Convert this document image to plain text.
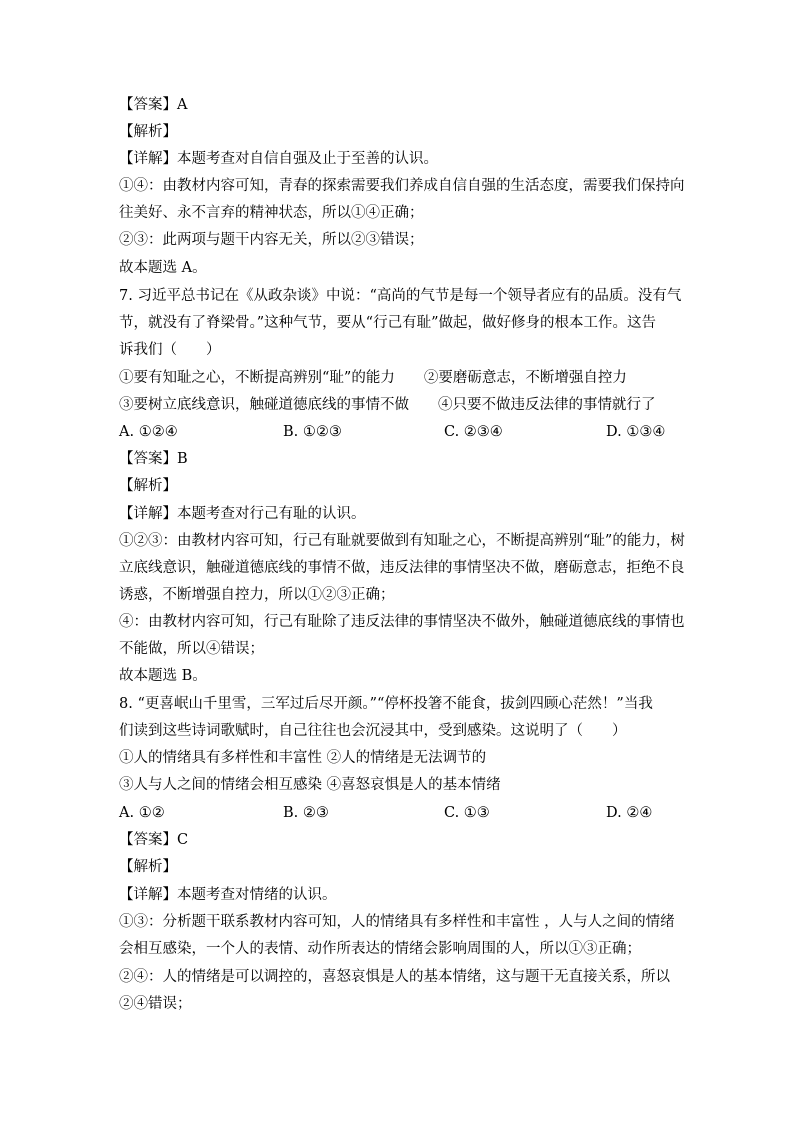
【答案】A
【解析】
【详解】本题考查对自信自强及止于至善的认识。
①④：由教材内容可知，青春的探索需要我们养成自信自强的生活态度，需要我们保持向
往美好、永不言弃的精神状态，所以①④正确；
②③：此两项与题干内容无关，所以②③错误；
故本题选 A。
7. 习近平总书记在《从政杂谈》中说：“高尚的气节是每一个领导者应有的品质。没有气
节，就没有了脊梁骨。”这种气节，要从“行己有耻”做起，做好修身的根本工作。这告
诉我们（　　）
①要有知耻之心，不断提高辨别“耻”的能力　　②要磨砺意志，不断增强自控力
③要树立底线意识，触碰道德底线的事情不做　　④只要不做违反法律的事情就行了
A. ①②④	B. ①②③	C. ②③④	D. ①③④
【答案】B
【解析】
【详解】本题考查对行己有耻的认识。
①②③：由教材内容可知，行己有耻就要做到有知耻之心，不断提高辨别“耻”的能力，树
立底线意识，触碰道德底线的事情不做，违反法律的事情坚决不做，磨砺意志，拒绝不良
诱惑，不断增强自控力，所以①②③正确；
④：由教材内容可知，行己有耻除了违反法律的事情坚决不做外，触碰道德底线的事情也
不能做，所以④错误；
故本题选 B。
8. “更喜岷山千里雪，三军过后尽开颜。”“停杯投箸不能食，拔剑四顾心茫然！”当我
们读到这些诗词歌赋时，自己往往也会沉浸其中，受到感染。这说明了（　　）
①人的情绪具有多样性和丰富性 ②人的情绪是无法调节的
③人与人之间的情绪会相互感染 ④喜怒哀惧是人的基本情绪
A. ①②	B. ②③	C. ①③	D. ②④
【答案】C
【解析】
【详解】本题考查对情绪的认识。
①③：分析题干联系教材内容可知，人的情绪具有多样性和丰富性 ，人与人之间的情绪
会相互感染，一个人的表情、动作所表达的情绪会影响周围的人，所以①③正确；
②④：人的情绪是可以调控的，喜怒哀惧是人的基本情绪，这与题干无直接关系，所以
②④错误；
